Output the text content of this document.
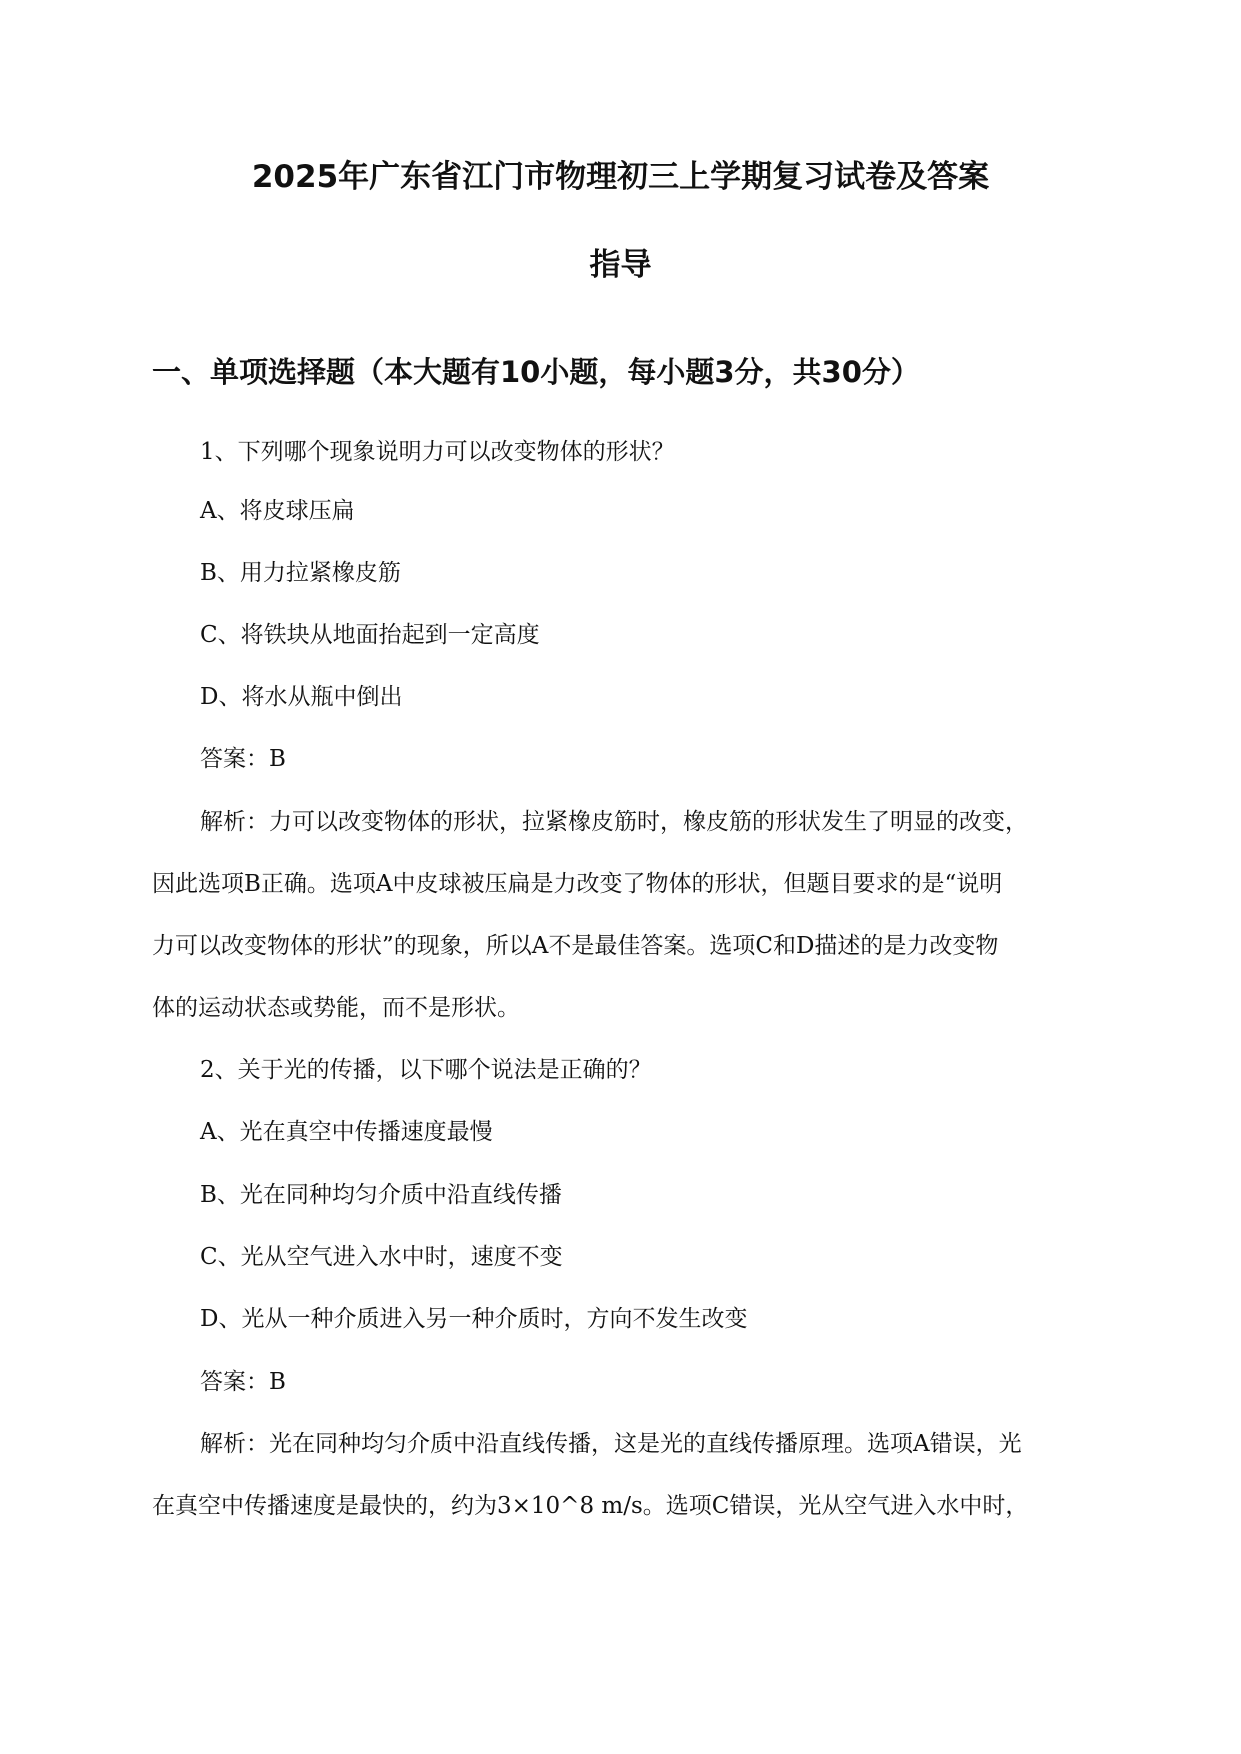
2025年广东省江门市物理初三上学期复习试卷及答案
指导
一、单项选择题（本大题有10小题，每小题3分，共30分）

1、下列哪个现象说明力可以改变物体的形状？

A、将皮球压扁

B、用力拉紧橡皮筋

C、将铁块从地面抬起到一定高度

D、将水从瓶中倒出

答案：B

解析：力可以改变物体的形状，拉紧橡皮筋时，橡皮筋的形状发生了明显的改变，

因此选项B正确。选项A中皮球被压扁是力改变了物体的形状，但题目要求的是“说明

力可以改变物体的形状”的现象，所以A不是最佳答案。选项C和D描述的是力改变物

体的运动状态或势能，而不是形状。

2、关于光的传播，以下哪个说法是正确的？

A、光在真空中传播速度最慢

B、光在同种均匀介质中沿直线传播

C、光从空气进入水中时，速度不变

D、光从一种介质进入另一种介质时，方向不发生改变

答案：B

解析：光在同种均匀介质中沿直线传播，这是光的直线传播原理。选项A错误，光

在真空中传播速度是最快的，约为3×10^8 m/s。选项C错误，光从空气进入水中时，
